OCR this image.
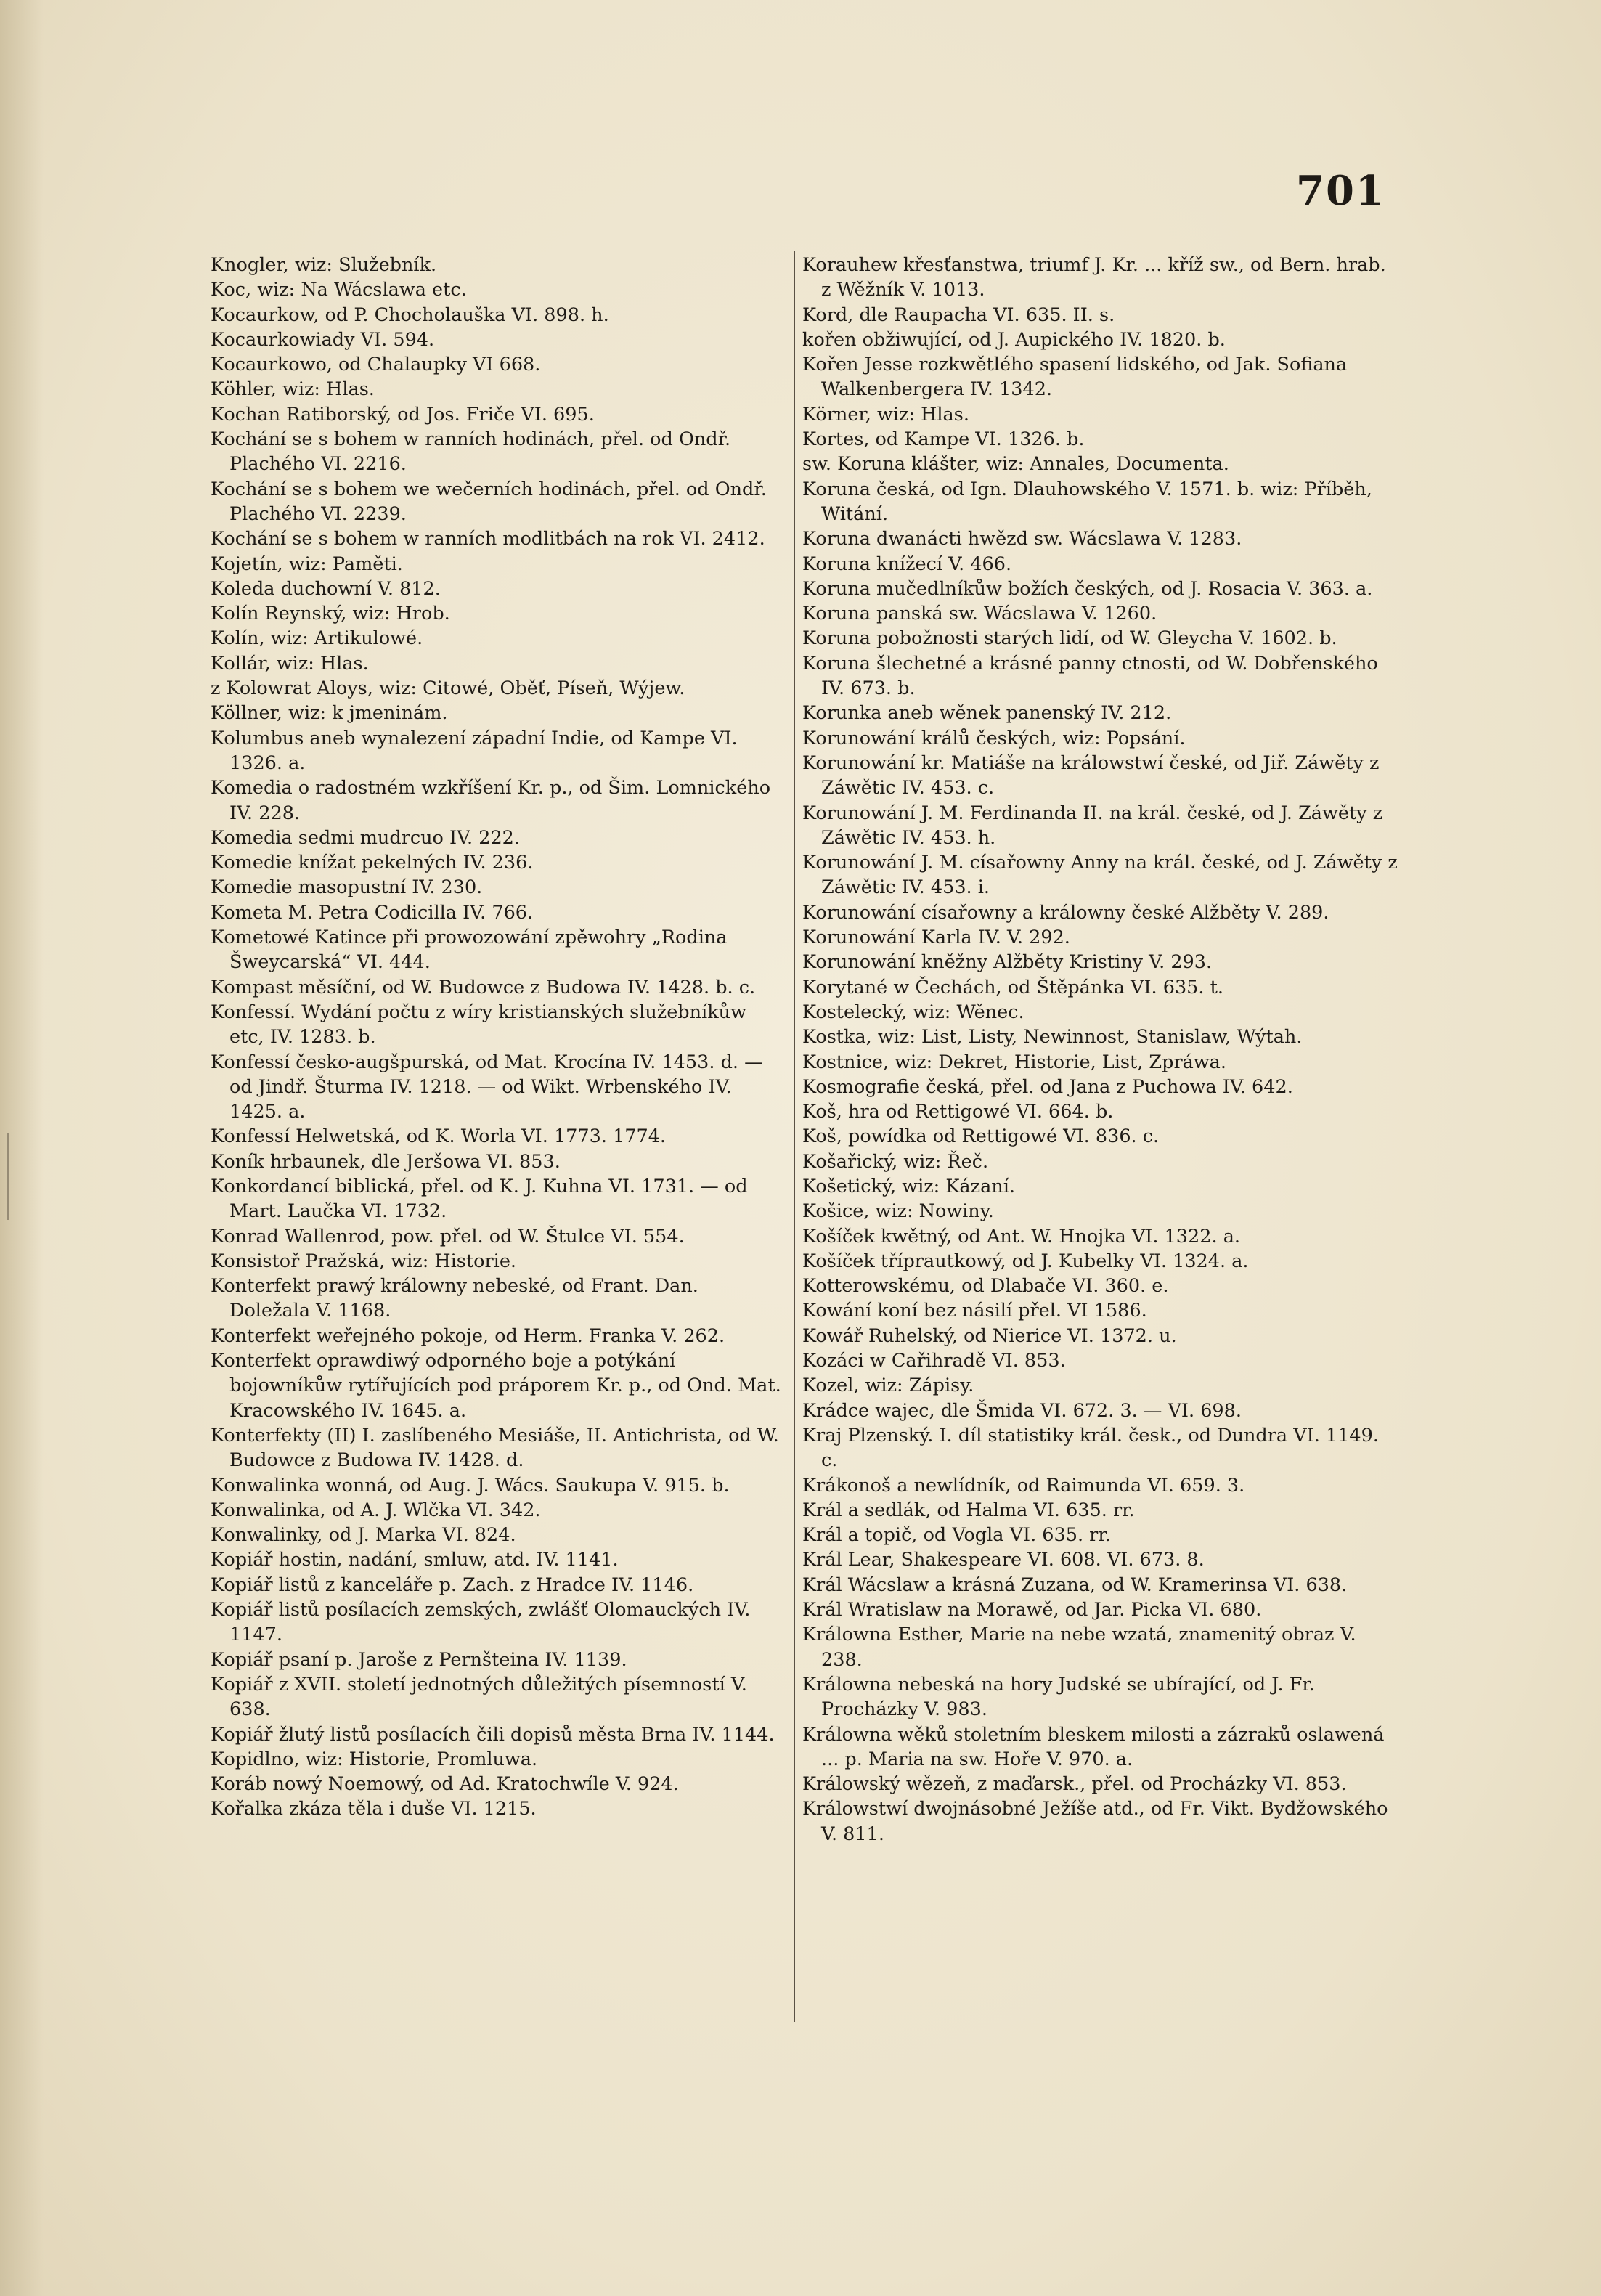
701

Knogler, wiz: Služebník.

Koc, wiz: Na Wácslawa etc.

Kocaurkow, od P. Chocholauška VI. 898. h.

Kocaurkowiady VI. 594.

Kocaurkowo, od Chalaupky VI 668.

Köhler, wiz: Hlas.

Kochan Ratiborský, od Jos. Friče VI. 695.

Kochání se s bohem w ranních hodinách, přel. od Ondř. Plachého VI. 2216.

Kochání se s bohem we wečerních hodinách, přel. od Ondř. Plachého VI. 2239.

Kochání se s bohem w ranních modlitbách na rok VI. 2412.

Kojetín, wiz: Paměti.

Koleda duchowní V. 812.

Kolín Reynský, wiz: Hrob.

Kolín, wiz: Artikulowé.

Kollár, wiz: Hlas.

z Kolowrat Aloys, wiz: Citowé, Oběť, Píseň, Wýjew.

Köllner, wiz: k jmeninám.

Kolumbus aneb wynalezení západní Indie, od Kampe VI. 1326. a.

Komedia o radostném wzkříšení Kr. p., od Šim. Lomnického IV. 228.

Komedia sedmi mudrcuo IV. 222.

Komedie knížat pekelných IV. 236.

Komedie masopustní IV. 230.

Kometa M. Petra Codicilla IV. 766.

Kometowé Katince při prowozowání zpěwohry „Rodina Šweycarská“ VI. 444.

Kompast měsíční, od W. Budowce z Budowa IV. 1428. b. c.

Konfessí. Wydání počtu z wíry kristianských služebníkůw etc, IV. 1283. b.

Konfessí česko-augšpurská, od Mat. Krocína IV. 1453. d. — od Jindř. Šturma IV. 1218. — od Wikt. Wrbenského IV. 1425. a.

Konfessí Helwetská, od K. Worla VI. 1773. 1774.

Koník hrbaunek, dle Jeršowa VI. 853.

Konkordancí biblická, přel. od K. J. Kuhna VI. 1731. — od Mart. Laučka VI. 1732.

Konrad Wallenrod, pow. přel. od W. Štulce VI. 554.

Konsistoř Pražská, wiz: Historie.

Konterfekt prawý králowny nebeské, od Frant. Dan. Doležala V. 1168.

Konterfekt weřejného pokoje, od Herm. Franka V. 262.

Konterfekt oprawdiwý odporného boje a potýkání bojowníkůw rytířujících pod práporem Kr. p., od Ond. Mat. Kracowského IV. 1645. a.

Konterfekty (II) I. zaslíbeného Mesiáše, II. Antichrista, od W. Budowce z Budowa IV. 1428. d.

Konwalinka wonná, od Aug. J. Wács. Saukupa V. 915. b.

Konwalinka, od A. J. Wlčka VI. 342.

Konwalinky, od J. Marka VI. 824.

Kopiář hostin, nadání, smluw, atd. IV. 1141.

Kopiář listů z kanceláře p. Zach. z Hradce IV. 1146.

Kopiář listů posílacích zemských, zwlášť Olomauckých IV. 1147.

Kopiář psaní p. Jaroše z Pernšteina IV. 1139.

Kopiář z XVII. století jednotných důležitých písemností V. 638.

Kopiář žlutý listů posílacích čili dopisů města Brna IV. 1144.

Kopidlno, wiz: Historie, Promluwa.

Koráb nowý Noemowý, od Ad. Kratochwíle V. 924.

Kořalka zkáza těla i duše VI. 1215.

Korauhew křesťanstwa, triumf J. Kr. ... kříž sw., od Bern. hrab. z Wěžník V. 1013.

Kord, dle Raupacha VI. 635. II. s.

kořen obžiwující, od J. Aupického IV. 1820. b.

Kořen Jesse rozkwětlého spasení lidského, od Jak. Sofiana Walkenbergera IV. 1342.

Körner, wiz: Hlas.

Kortes, od Kampe VI. 1326. b.

sw. Koruna klášter, wiz: Annales, Documenta.

Koruna česká, od Ign. Dlauhowského V. 1571. b. wiz: Příběh, Witání.

Koruna dwanácti hwězd sw. Wácslawa V. 1283.

Koruna knížecí V. 466.

Koruna mučedlníkůw božích českých, od J. Rosacia V. 363. a.

Koruna panská sw. Wácslawa V. 1260.

Koruna pobožnosti starých lidí, od W. Gleycha V. 1602. b.

Koruna šlechetné a krásné panny ctnosti, od W. Dobřenského IV. 673. b.

Korunka aneb wěnek panenský IV. 212.

Korunowání králů českých, wiz: Popsání.

Korunowání kr. Matiáše na králowstwí české, od Jiř. Záwěty z Záwětic IV. 453. c.

Korunowání J. M. Ferdinanda II. na král. české, od J. Záwěty z Záwětic IV. 453. h.

Korunowání J. M. císařowny Anny na král. české, od J. Záwěty z Záwětic IV. 453. i.

Korunowání císařowny a králowny české Alžběty V. 289.

Korunowání Karla IV. V. 292.

Korunowání kněžny Alžběty Kristiny V. 293.

Korytané w Čechách, od Štěpánka VI. 635. t.

Kostelecký, wiz: Wěnec.

Kostka, wiz: List, Listy, Newinnost, Stanislaw, Wýtah.

Kostnice, wiz: Dekret, Historie, List, Zpráwa.

Kosmografie česká, přel. od Jana z Puchowa IV. 642.

Koš, hra od Rettigowé VI. 664. b.

Koš, powídka od Rettigowé VI. 836. c.

Košařický, wiz: Řeč.

Košetický, wiz: Kázaní.

Košice, wiz: Nowiny.

Košíček kwětný, od Ant. W. Hnojka VI. 1322. a.

Košíček tříprautkowý, od J. Kubelky VI. 1324. a.

Kotterowskému, od Dlabače VI. 360. e.

Kowání koní bez násilí přel. VI 1586.

Kowář Ruhelský, od Nierice VI. 1372. u.

Kozáci w Cařihradě VI. 853.

Kozel, wiz: Zápisy.

Krádce wajec, dle Šmida VI. 672. 3. — VI. 698.

Kraj Plzenský. I. díl statistiky král. česk., od Dundra VI. 1149. c.

Krákonoš a newlídník, od Raimunda VI. 659. 3.

Král a sedlák, od Halma VI. 635. rr.

Král a topič, od Vogla VI. 635. rr.

Král Lear, Shakespeare VI. 608. VI. 673. 8.

Král Wácslaw a krásná Zuzana, od W. Kramerinsa VI. 638.

Král Wratislaw na Morawě, od Jar. Picka VI. 680.

Králowna Esther, Marie na nebe wzatá, znamenitý obraz V. 238.

Králowna nebeská na hory Judské se ubírající, od J. Fr. Procházky V. 983.

Králowna wěků stoletním bleskem milosti a zázraků oslawená ... p. Maria na sw. Hoře V. 970. a.

Králowský wězeň, z maďarsk., přel. od Procházky VI. 853.

Králowstwí dwojnásobné Ježíše atd., od Fr. Vikt. Bydžowského V. 811.
